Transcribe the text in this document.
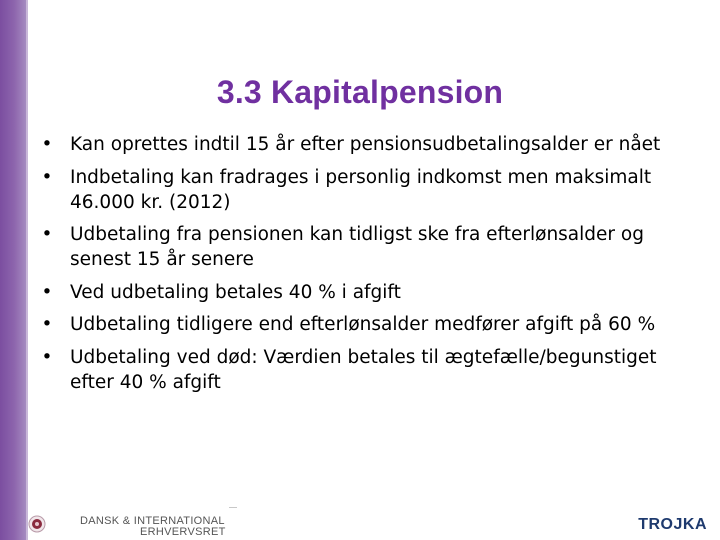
3.3 Kapitalpension
• Kan oprettes indtil 15 år efter pensionsudbetalingsalder er nået
• Indbetaling kan fradrages i personlig indkomst men maksimalt 46.000 kr. (2012)
• Udbetaling fra pensionen kan tidligst ske fra efterlønsalder og senest 15 år senere
• Ved udbetaling betales 40 % i afgift
• Udbetaling tidligere end efterlønsalder medfører afgift på 60 %
• Udbetaling ved død: Værdien betales til ægtefælle/begunstiget efter 40 % afgift
DANSK & INTERNATIONAL
ERHVERVSRET	TROJKA
